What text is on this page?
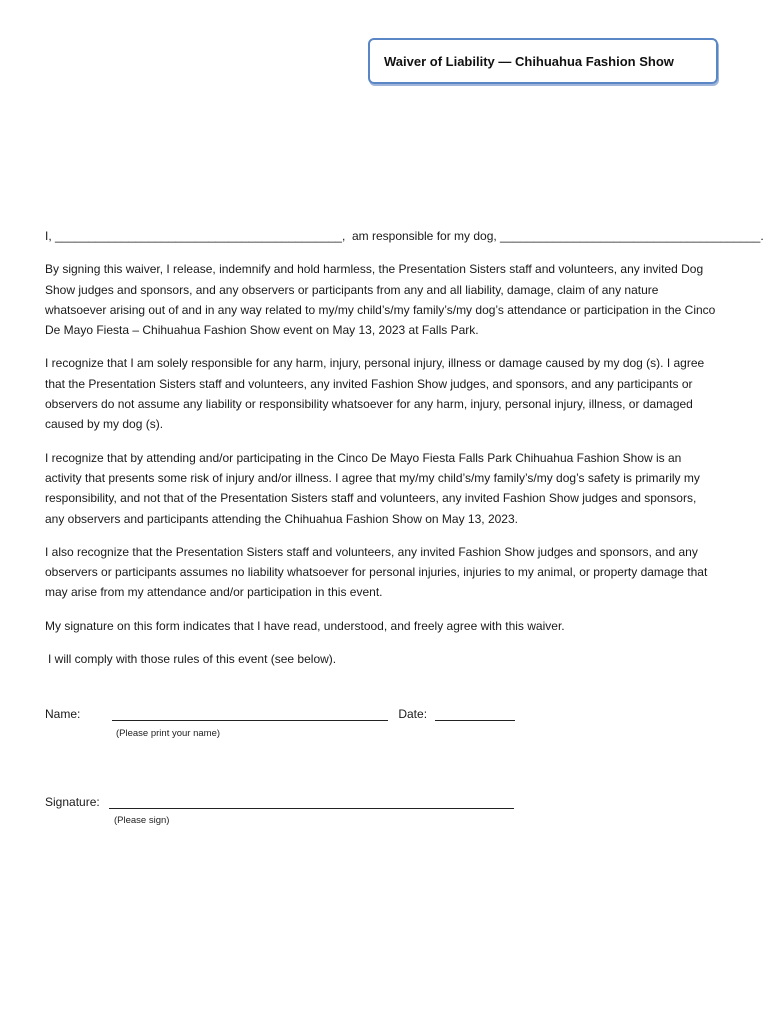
Waiver of Liability — Chihuahua Fashion Show
I, ___________________________________________,  am responsible for my dog, _______________________________________.

By signing this waiver, I release, indemnify and hold harmless, the Presentation Sisters staff and volunteers, any invited Dog Show judges and sponsors, and any observers or participants from any and all liability, damage, claim of any nature whatsoever arising out of and in any way related to my/my child’s/my family’s/my dog’s attendance or participation in the Cinco De Mayo Fiesta – Chihuahua Fashion Show event on May 13, 2023 at Falls Park.

I recognize that I am solely responsible for any harm, injury, personal injury, illness or damage caused by my dog (s). I agree that the Presentation Sisters staff and volunteers, any invited Fashion Show judges, and sponsors, and any participants or observers do not assume any liability or responsibility whatsoever for any harm, injury, personal injury, illness, or damaged caused by my dog (s).

I recognize that by attending and/or participating in the Cinco De Mayo Fiesta Falls Park Chihuahua Fashion Show is an activity that presents some risk of injury and/or illness. I agree that my/my child’s/my family’s/my dog’s safety is primarily my responsibility, and not that of the Presentation Sisters staff and volunteers, any invited Fashion Show judges and sponsors, any observers and participants attending the Chihuahua Fashion Show on May 13, 2023.

I also recognize that the Presentation Sisters staff and volunteers, any invited Fashion Show judges and sponsors, and any observers or participants assumes no liability whatsoever for personal injuries, injuries to my animal, or property damage that may arise from my attendance and/or participation in this event.

My signature on this form indicates that I have read, understood, and freely agree with this waiver.

I will comply with those rules of this event (see below).

Name:	Date:
(Please print your name)
Signature:
(Please sign)
